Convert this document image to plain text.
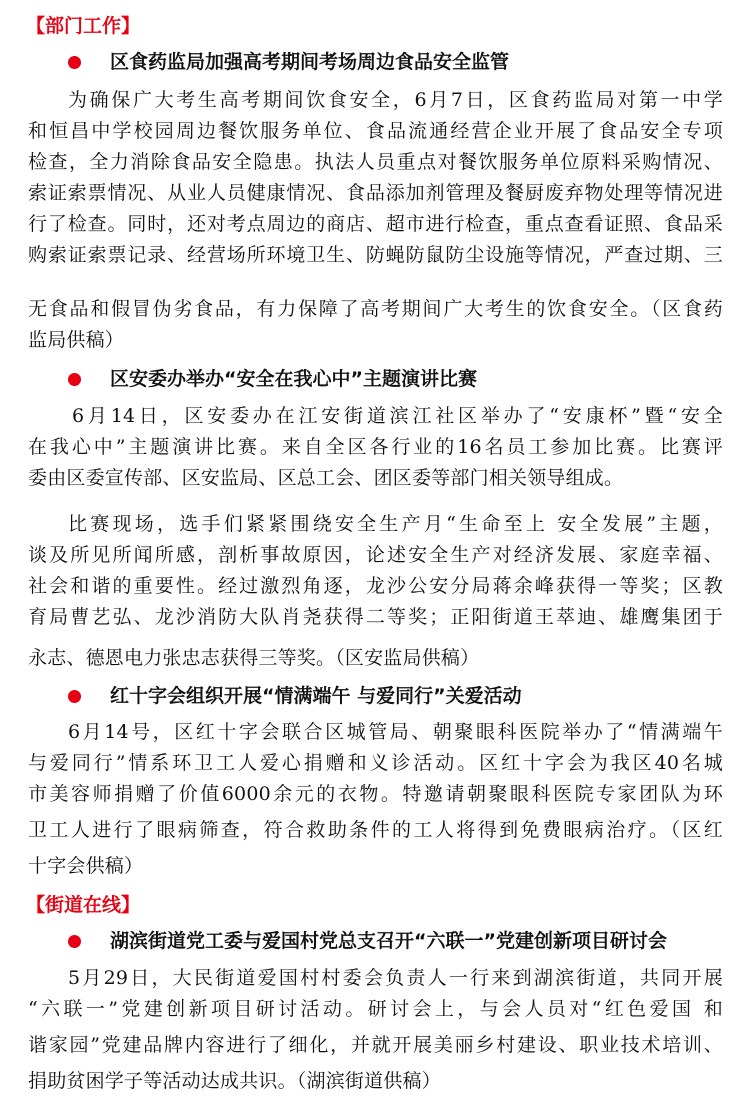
【部门工作】
区食药监局加强高考期间考场周边食品安全监管
为确保广大考生高考期间饮食安全，6月7日，区食药监局对第一中学
和恒昌中学校园周边餐饮服务单位、食品流通经营企业开展了食品安全专项
检查，全力消除食品安全隐患。执法人员重点对餐饮服务单位原料采购情况、
索证索票情况、从业人员健康情况、食品添加剂管理及餐厨废弃物处理等情况进
行了检查。同时，还对考点周边的商店、超市进行检查，重点查看证照、食品采
购索证索票记录、经营场所环境卫生、防蝇防鼠防尘设施等情况，严查过期、三
无食品和假冒伪劣食品，有力保障了高考期间广大考生的饮食安全。（区食药
监局供稿）
区安委办举办“安全在我心中”主题演讲比赛
6月14日，区安委办在江安街道滨江社区举办了“安康杯”暨“安全
在我心中”主题演讲比赛。来自全区各行业的16名员工参加比赛。比赛评
委由区委宣传部、区安监局、区总工会、团区委等部门相关领导组成。
比赛现场，选手们紧紧围绕安全生产月“生命至上 安全发展”主题，
谈及所见所闻所感，剖析事故原因，论述安全生产对经济发展、家庭幸福、
社会和谐的重要性。经过激烈角逐，龙沙公安分局蒋余峰获得一等奖；区教
育局曹艺弘、龙沙消防大队肖尧获得二等奖；正阳街道王萃迪、雄鹰集团于
永志、德恩电力张忠志获得三等奖。（区安监局供稿）
红十字会组织开展“情满端午 与爱同行”关爱活动
6月14号，区红十字会联合区城管局、朝聚眼科医院举办了“情满端午
与爱同行”情系环卫工人爱心捐赠和义诊活动。区红十字会为我区40名城
市美容师捐赠了价值6000余元的衣物。特邀请朝聚眼科医院专家团队为环
卫工人进行了眼病筛查，符合救助条件的工人将得到免费眼病治疗。（区红
十字会供稿）
【街道在线】
湖滨街道党工委与爱国村党总支召开“六联一”党建创新项目研讨会
5月29日，大民街道爱国村村委会负责人一行来到湖滨街道，共同开展
“六联一”党建创新项目研讨活动。研讨会上，与会人员对“红色爱国 和
谐家园”党建品牌内容进行了细化，并就开展美丽乡村建设、职业技术培训、
捐助贫困学子等活动达成共识。（湖滨街道供稿）
